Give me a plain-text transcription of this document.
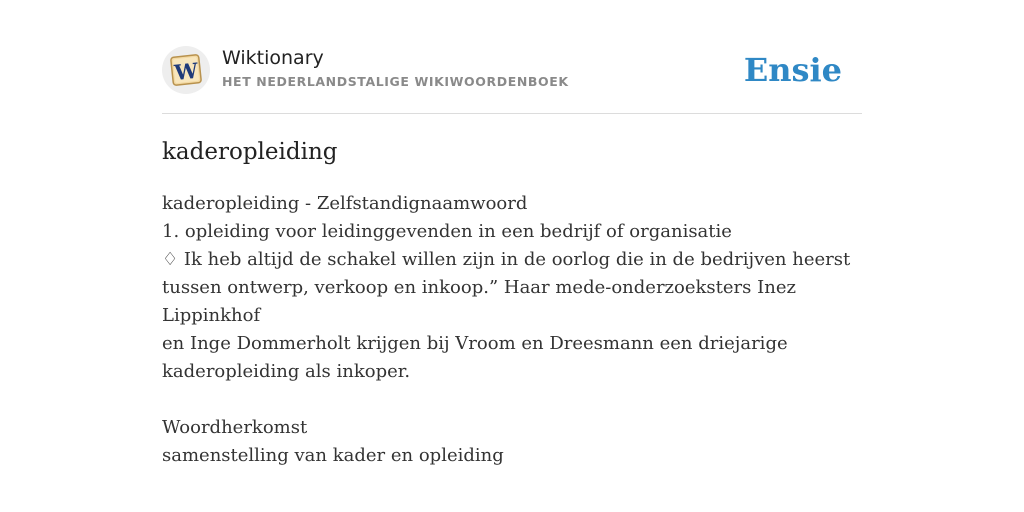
W Wiktionary
HET NEDERLANDSTALIGE WIKIWOORDENBOEK	Ensie
kaderopleiding

kaderopleiding - Zelfstandignaamwoord

1. opleiding voor leidinggevenden in een bedrijf of organisatie

♢ Ik heb altijd de schakel willen zijn in de oorlog die in de bedrijven heerst

tussen ontwerp, verkoop en inkoop.” Haar mede-onderzoeksters Inez Lippinkhof

en Inge Dommerholt krijgen bij Vroom en Dreesmann een driejarige

kaderopleiding als inkoper.

Woordherkomst

samenstelling van kader en opleiding
